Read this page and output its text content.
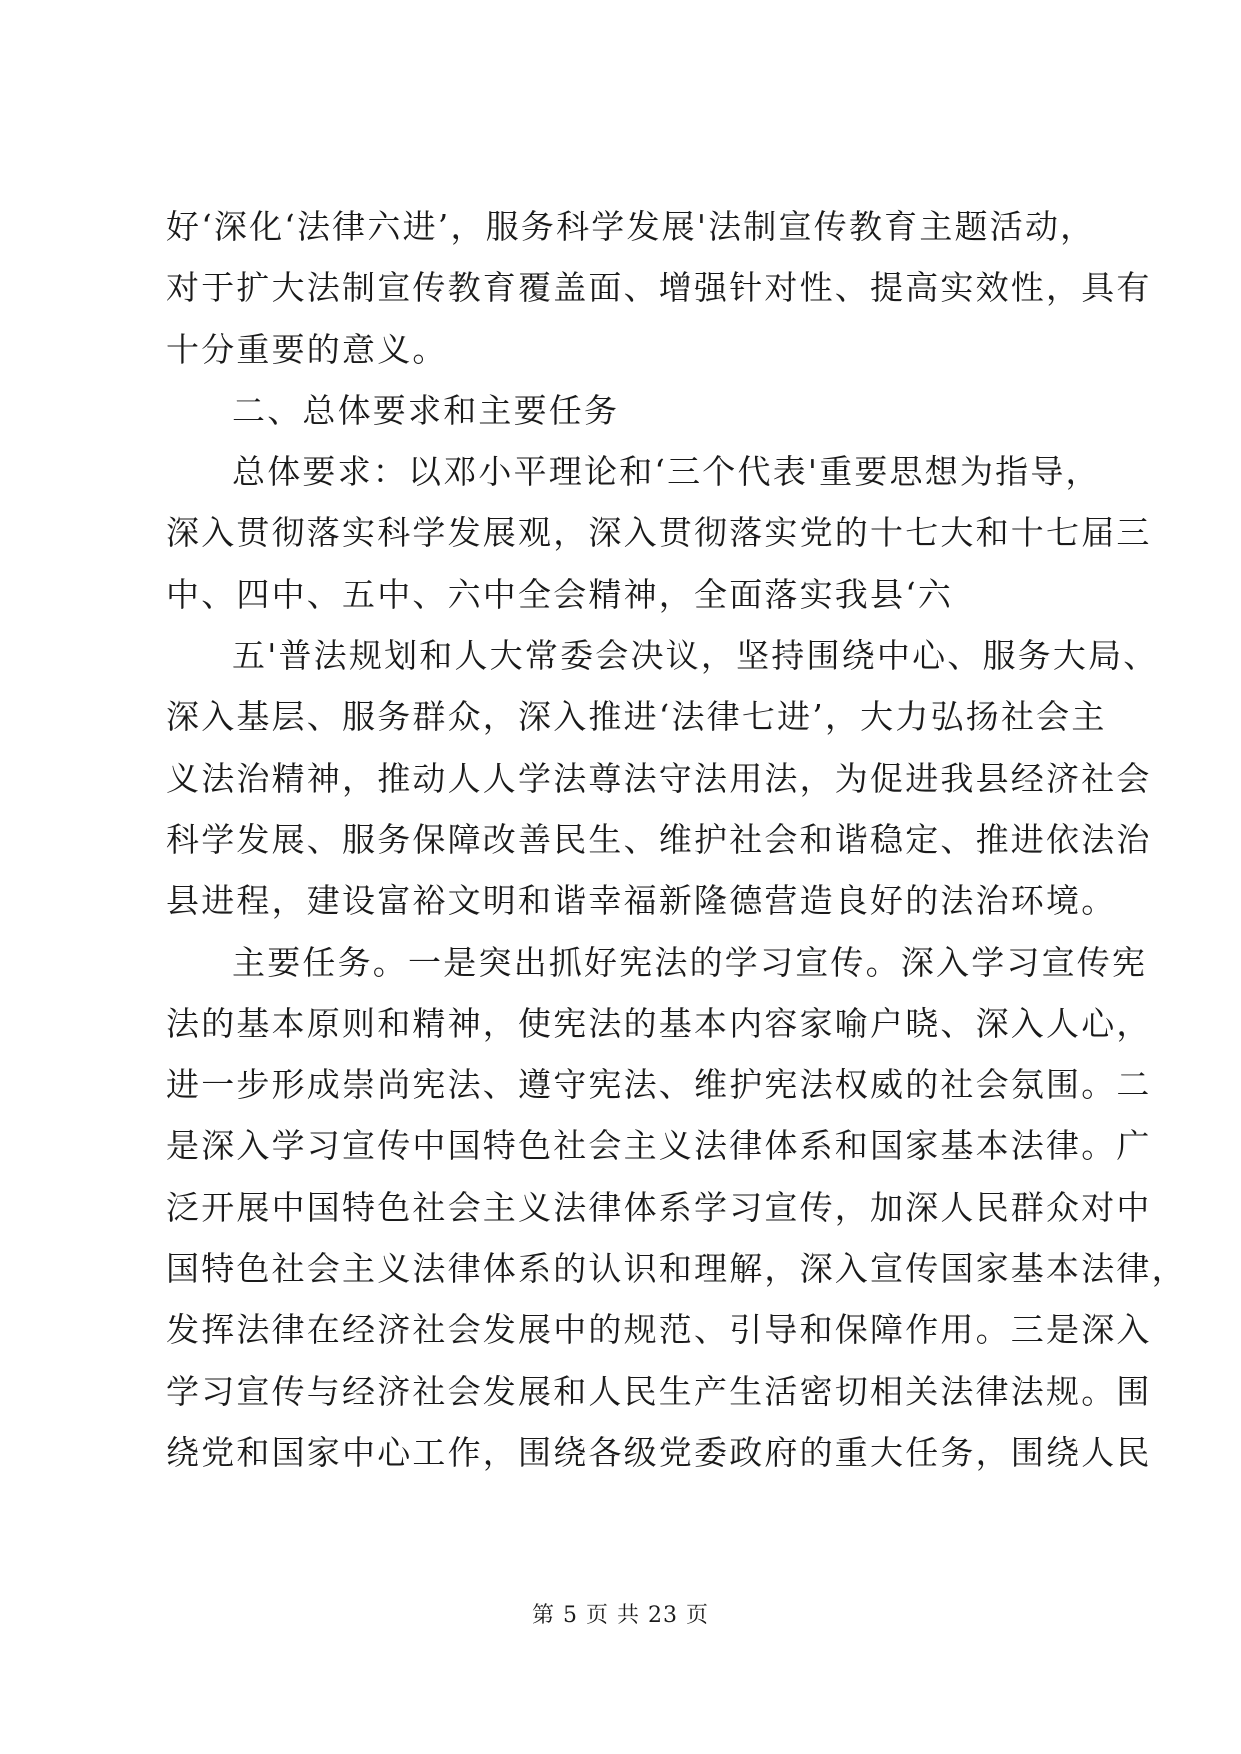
好‘深化‘法律六进’，服务科学发展'法制宣传教育主题活动，
对于扩大法制宣传教育覆盖面、增强针对性、提高实效性，具有
十分重要的意义。
二、总体要求和主要任务
总体要求：以邓小平理论和‘三个代表'重要思想为指导，
深入贯彻落实科学发展观，深入贯彻落实党的十七大和十七届三
中、四中、五中、六中全会精神，全面落实我县‘六
五'普法规划和人大常委会决议，坚持围绕中心、服务大局、
深入基层、服务群众，深入推进‘法律七进’，大力弘扬社会主
义法治精神，推动人人学法尊法守法用法，为促进我县经济社会
科学发展、服务保障改善民生、维护社会和谐稳定、推进依法治
县进程，建设富裕文明和谐幸福新隆德营造良好的法治环境。
主要任务。一是突出抓好宪法的学习宣传。深入学习宣传宪
法的基本原则和精神，使宪法的基本内容家喻户晓、深入人心，
进一步形成崇尚宪法、遵守宪法、维护宪法权威的社会氛围。二
是深入学习宣传中国特色社会主义法律体系和国家基本法律。广
泛开展中国特色社会主义法律体系学习宣传，加深人民群众对中
国特色社会主义法律体系的认识和理解，深入宣传国家基本法律，
发挥法律在经济社会发展中的规范、引导和保障作用。三是深入
学习宣传与经济社会发展和人民生产生活密切相关法律法规。围
绕党和国家中心工作，围绕各级党委政府的重大任务，围绕人民
第 5 页 共 23 页
